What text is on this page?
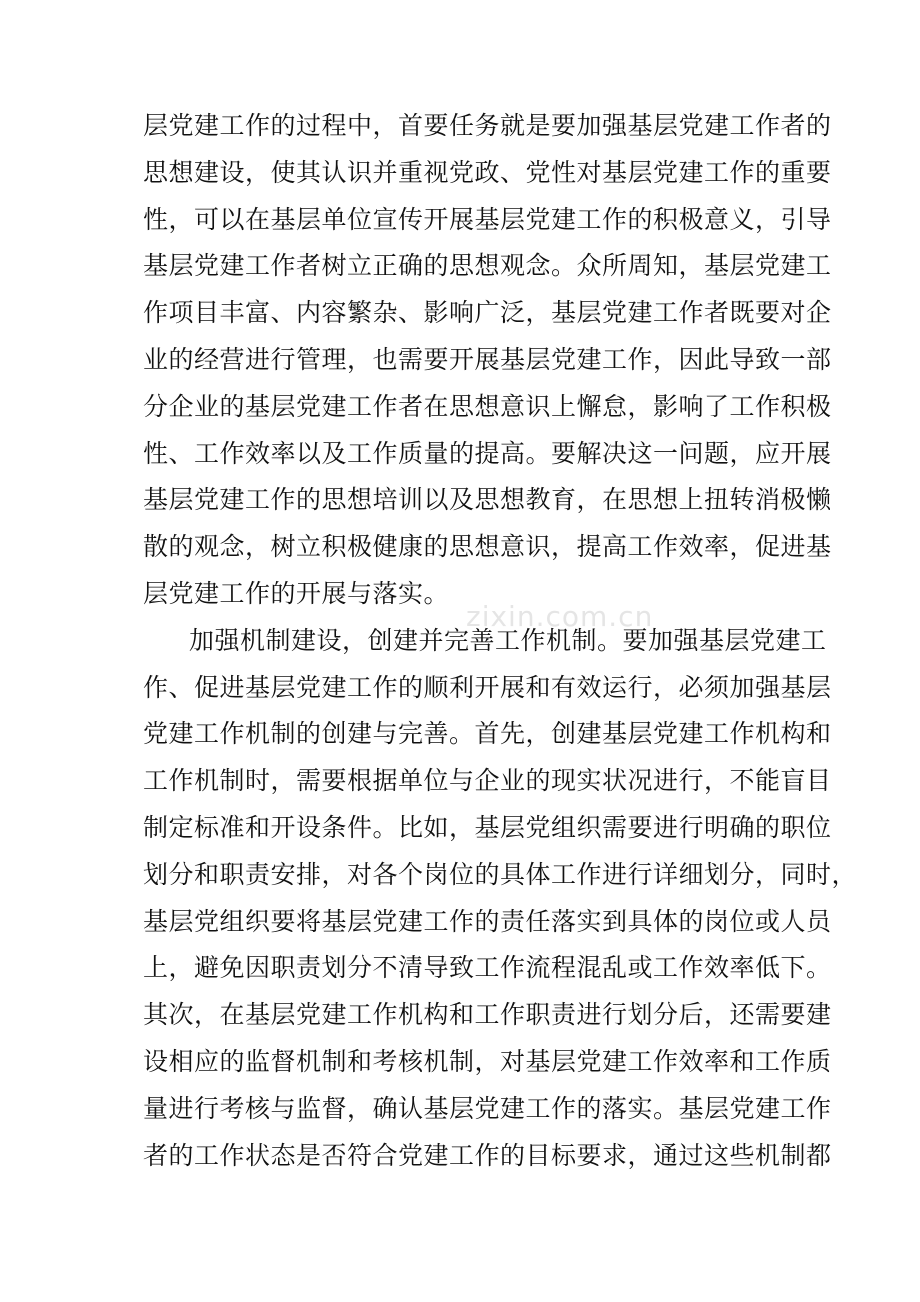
层党建工作的过程中，首要任务就是要加强基层党建工作者的
思想建设，使其认识并重视党政、党性对基层党建工作的重要
性，可以在基层单位宣传开展基层党建工作的积极意义，引导
基层党建工作者树立正确的思想观念。众所周知，基层党建工
作项目丰富、内容繁杂、影响广泛，基层党建工作者既要对企
业的经营进行管理，也需要开展基层党建工作，因此导致一部
分企业的基层党建工作者在思想意识上懈怠，影响了工作积极
性、工作效率以及工作质量的提高。要解决这一问题，应开展
基层党建工作的思想培训以及思想教育，在思想上扭转消极懒
散的观念，树立积极健康的思想意识，提高工作效率，促进基
层党建工作的开展与落实。
加强机制建设，创建并完善工作机制。要加强基层党建工
作、促进基层党建工作的顺利开展和有效运行，必须加强基层
党建工作机制的创建与完善。首先，创建基层党建工作机构和
工作机制时，需要根据单位与企业的现实状况进行，不能盲目
制定标准和开设条件。比如，基层党组织需要进行明确的职位
划分和职责安排，对各个岗位的具体工作进行详细划分，同时，
基层党组织要将基层党建工作的责任落实到具体的岗位或人员
上，避免因职责划分不清导致工作流程混乱或工作效率低下。
其次，在基层党建工作机构和工作职责进行划分后，还需要建
设相应的监督机制和考核机制，对基层党建工作效率和工作质
量进行考核与监督，确认基层党建工作的落实。基层党建工作
者的工作状态是否符合党建工作的目标要求，通过这些机制都
zixin.com.cn
